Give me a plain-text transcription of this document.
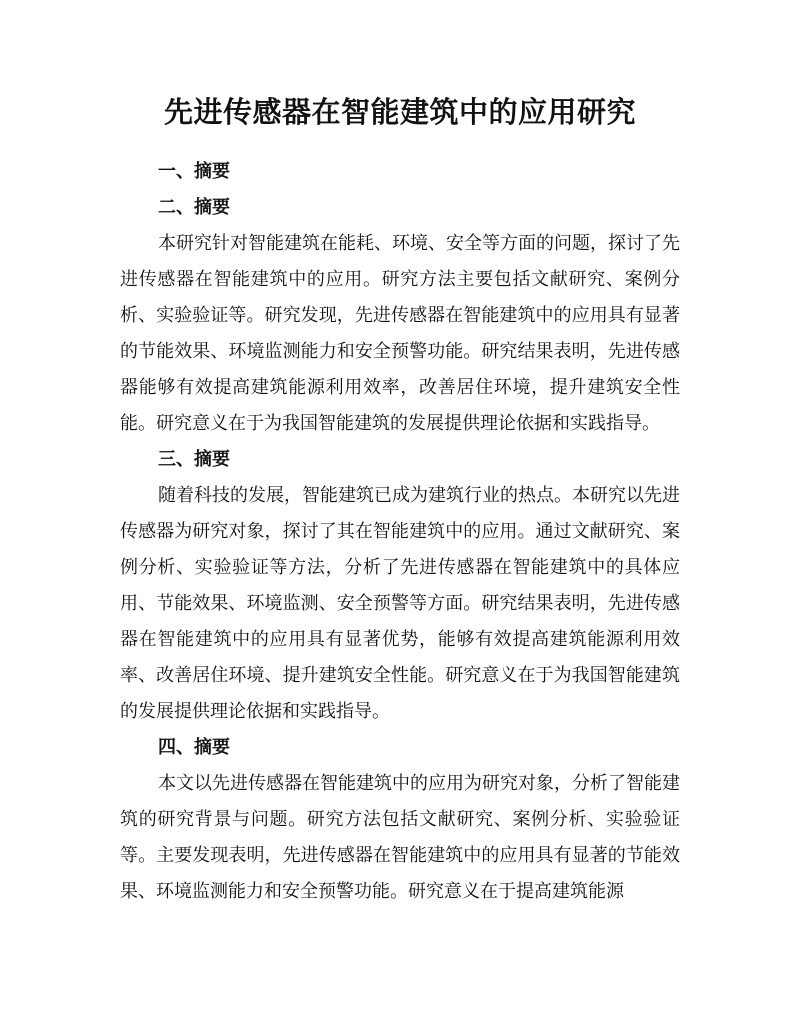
先进传感器在智能建筑中的应用研究

一、摘要

二、摘要

本研究针对智能建筑在能耗、环境、安全等方面的问题，探讨了先进传感器在智能建筑中的应用。研究方法主要包括文献研究、案例分析、实验验证等。研究发现，先进传感器在智能建筑中的应用具有显著的节能效果、环境监测能力和安全预警功能。研究结果表明，先进传感器能够有效提高建筑能源利用效率，改善居住环境，提升建筑安全性能。研究意义在于为我国智能建筑的发展提供理论依据和实践指导。

三、摘要

随着科技的发展，智能建筑已成为建筑行业的热点。本研究以先进传感器为研究对象，探讨了其在智能建筑中的应用。通过文献研究、案例分析、实验验证等方法，分析了先进传感器在智能建筑中的具体应用、节能效果、环境监测、安全预警等方面。研究结果表明，先进传感器在智能建筑中的应用具有显著优势，能够有效提高建筑能源利用效率、改善居住环境、提升建筑安全性能。研究意义在于为我国智能建筑的发展提供理论依据和实践指导。

四、摘要

本文以先进传感器在智能建筑中的应用为研究对象，分析了智能建筑的研究背景与问题。研究方法包括文献研究、案例分析、实验验证等。主要发现表明，先进传感器在智能建筑中的应用具有显著的节能效果、环境监测能力和安全预警功能。研究意义在于提高建筑能源
